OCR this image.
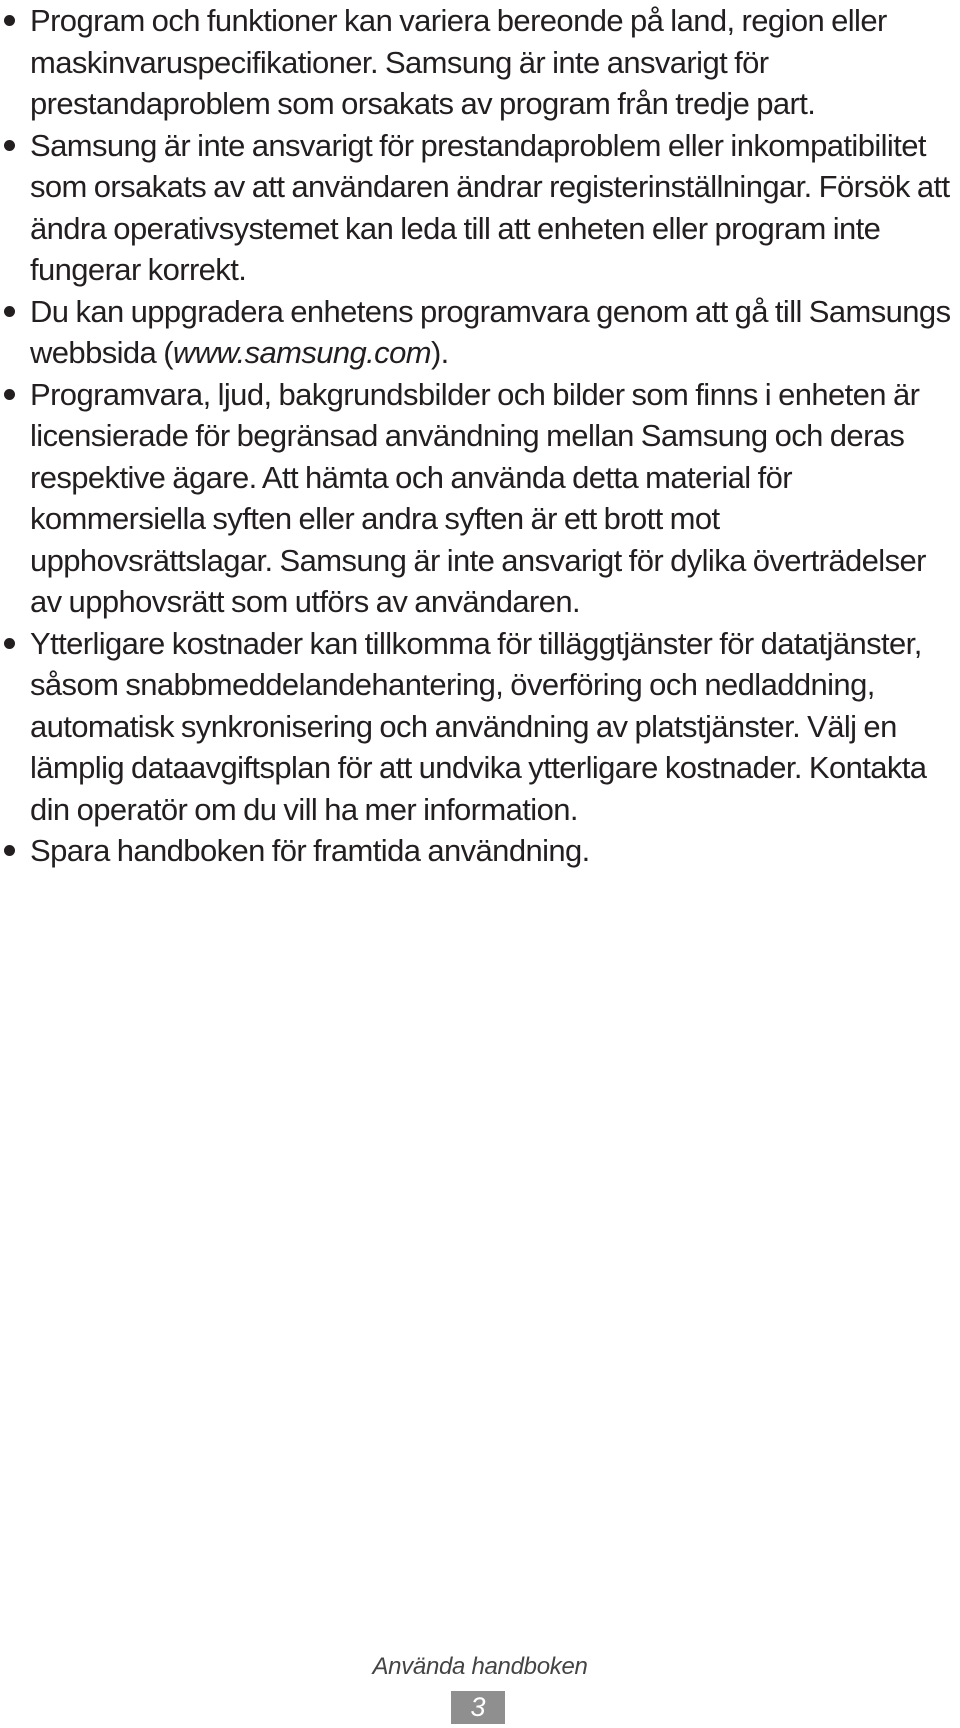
Program och funktioner kan variera bereonde på land, region eller maskinvaruspecifikationer. Samsung är inte ansvarigt för prestandaproblem som orsakats av program från tredje part.
Samsung är inte ansvarigt för prestandaproblem eller inkompatibilitet som orsakats av att användaren ändrar registerinställningar. Försök att ändra operativsystemet kan leda till att enheten eller program inte fungerar korrekt.
Du kan uppgradera enhetens programvara genom att gå till Samsungs webbsida (www.samsung.com).
Programvara, ljud, bakgrundsbilder och bilder som finns i enheten är licensierade för begränsad användning mellan Samsung och deras respektive ägare. Att hämta och använda detta material för kommersiella syften eller andra syften är ett brott mot upphovsrättslagar. Samsung är inte ansvarigt för dylika överträdelser av upphovsrätt som utförs av användaren.
Ytterligare kostnader kan tillkomma för tilläggtjänster för datatjänster, såsom snabbmeddelandehantering, överföring och nedladdning, automatisk synkronisering och användning av platstjänster. Välj en lämplig dataavgiftsplan för att undvika ytterligare kostnader. Kontakta din operatör om du vill ha mer information.
Spara handboken för framtida användning.
Använda handboken
3
